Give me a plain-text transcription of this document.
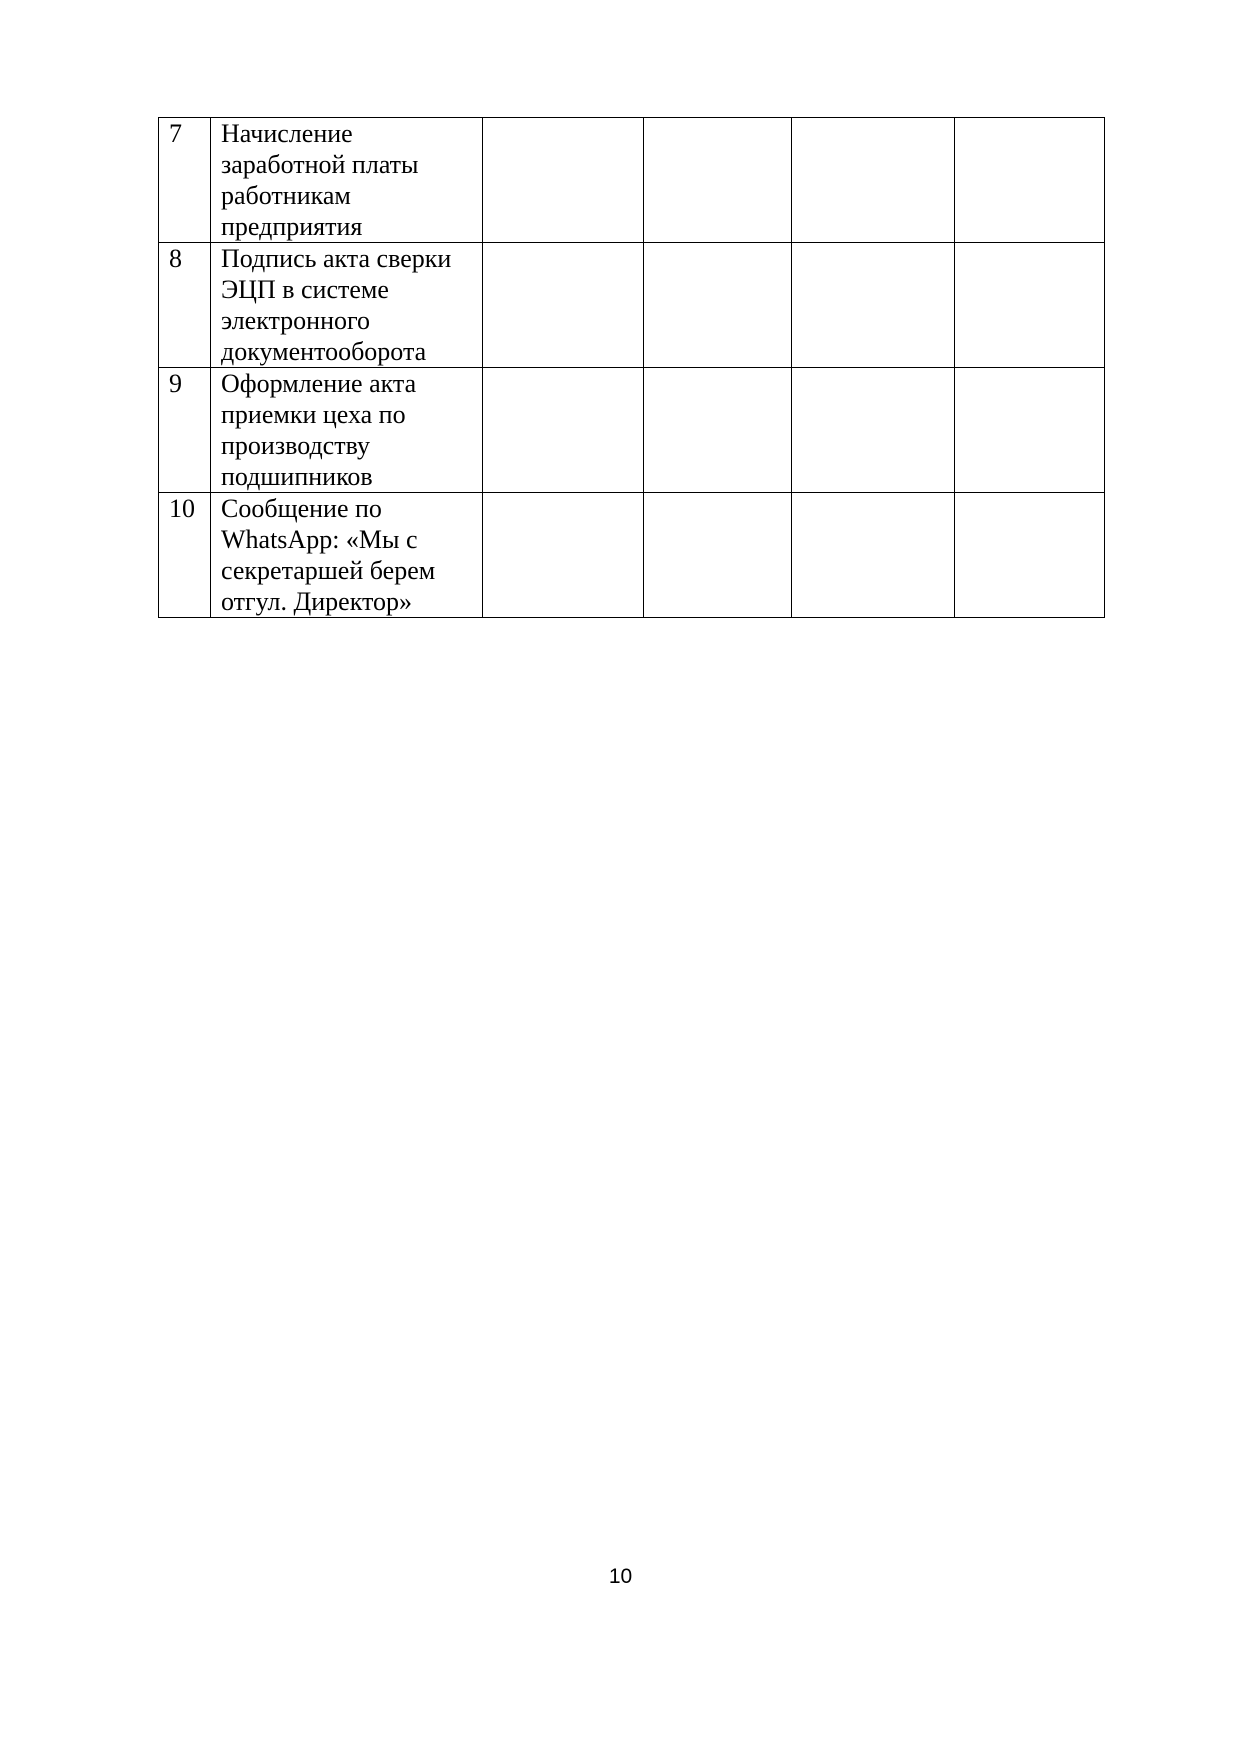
7	Начисление
заработной платы
работникам
предприятия				

8	Подпись акта сверки
ЭЦП в системе
электронного
документооборота				

9	Оформление акта
приемки цеха по
производству
подшипников				

10	Сообщение по
WhatsApp: «Мы с
секретаршей берем
отгул. Директор»				

10
